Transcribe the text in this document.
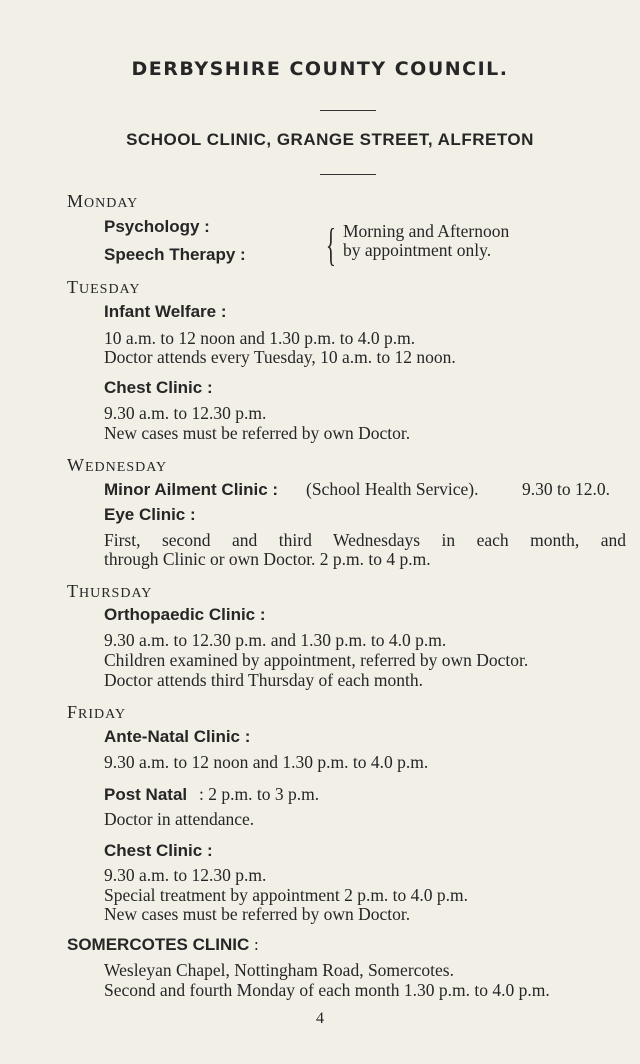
DERBYSHIRE COUNTY COUNCIL.
SCHOOL CLINIC, GRANGE STREET, ALFRETON
MONDAY
Psychology :
Speech Therapy : { Morning and Afternoon
by appointment only.
TUESDAY
Infant Welfare :
10 a.m. to 12 noon and 1.30 p.m. to 4.0 p.m.
Doctor attends every Tuesday, 10 a.m. to 12 noon.
Chest Clinic :
9.30 a.m. to 12.30 p.m.
New cases must be referred by own Doctor.
WEDNESDAY
Minor Ailment Clinic : (School Health Service). 9.30 to 12.0.
Eye Clinic :
First, second and third Wednesdays in each month, and
through Clinic or own Doctor. 2 p.m. to 4 p.m.
THURSDAY
Orthopaedic Clinic :
9.30 a.m. to 12.30 p.m. and 1.30 p.m. to 4.0 p.m.
Children examined by appointment, referred by own Doctor.
Doctor attends third Thursday of each month.
FRIDAY
Ante-Natal Clinic :
9.30 a.m. to 12 noon and 1.30 p.m. to 4.0 p.m.
Post Natal : 2 p.m. to 3 p.m.
Doctor in attendance.
Chest Clinic :
9.30 a.m. to 12.30 p.m.
Special treatment by appointment 2 p.m. to 4.0 p.m.
New cases must be referred by own Doctor.
SOMERCOTES CLINIC :
Wesleyan Chapel, Nottingham Road, Somercotes.
Second and fourth Monday of each month 1.30 p.m. to 4.0 p.m.
4
